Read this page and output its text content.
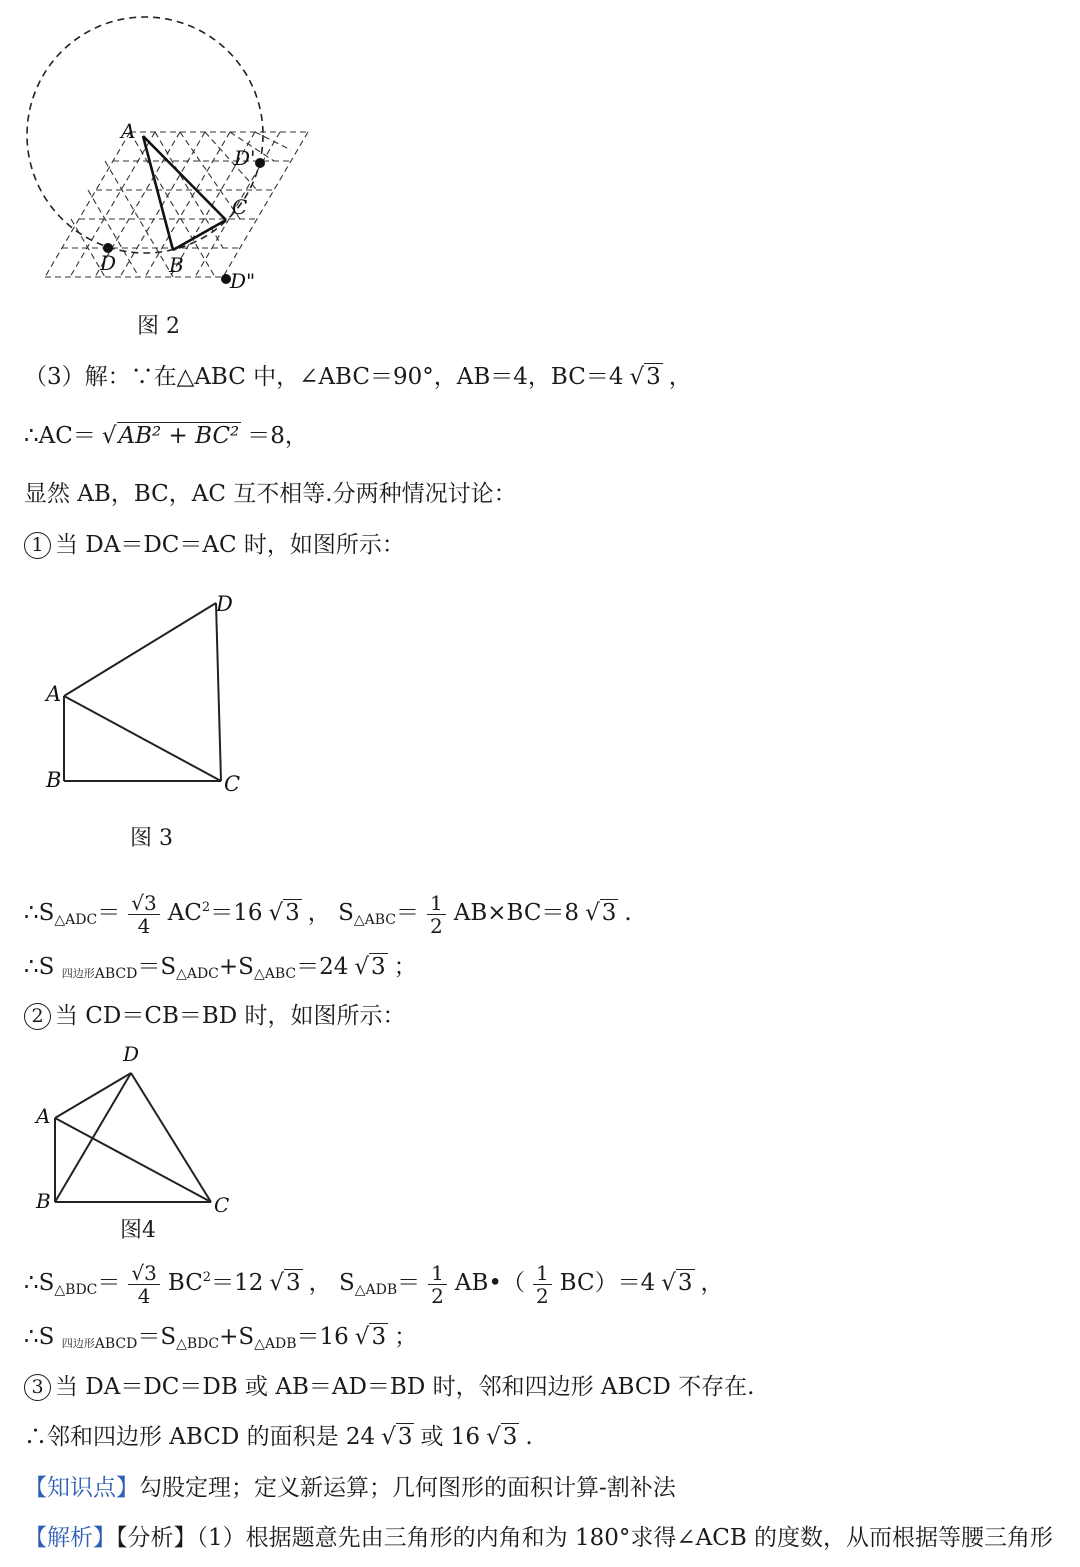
A
D'
C
D	B
D"
图 2
（3）解：∵在△ABC 中，∠ABC＝90°，AB＝4，BC＝4 √3 ，
∴AC＝ √AB² + BC² ＝8，
显然 AB，BC，AC 互不相等.分两种情况讨论：
1 当 DA＝DC＝AC 时，如图所示：
D
A
B	C
图 3
$\therefore S_{\triangle ADC}= \frac{√3}{4} AC^2=16$ √3 ， $S_{\triangle ABC}= \frac{1}{2} AB\times BC=8$ √3 .
∴S 四边形$_{ABCD}=S_{\triangle ADC}+S_{\triangle ABC}=24$ √3 ；
2 当 CD＝CB＝BD 时，如图所示：
D
A
B	C
图4
$\therefore S_{\triangle BDC}= \frac{√3}{4} BC^2=12$ √3 ， $S_{\triangle ADB}= \frac{1}{2}$ AB•（ $\frac{1}{2} BC)=4$ √3 ，
∴S 四边形$_{ABCD}=S_{\triangle BDC}+S_{\triangle ADB}=16$ √3 ；
3 当 DA＝DC＝DB 或 AB＝AD＝BD 时，邻和四边形 ABCD 不存在.
∴邻和四边形 ABCD 的面积是 24 √3 或 16 √3 .
【知识点】勾股定理；定义新运算；几何图形的面积计算-割补法
【解析】【分析】（1）根据题意先由三角形的内角和为 180°求得∠ACB 的度数，从而根据等腰三角形
